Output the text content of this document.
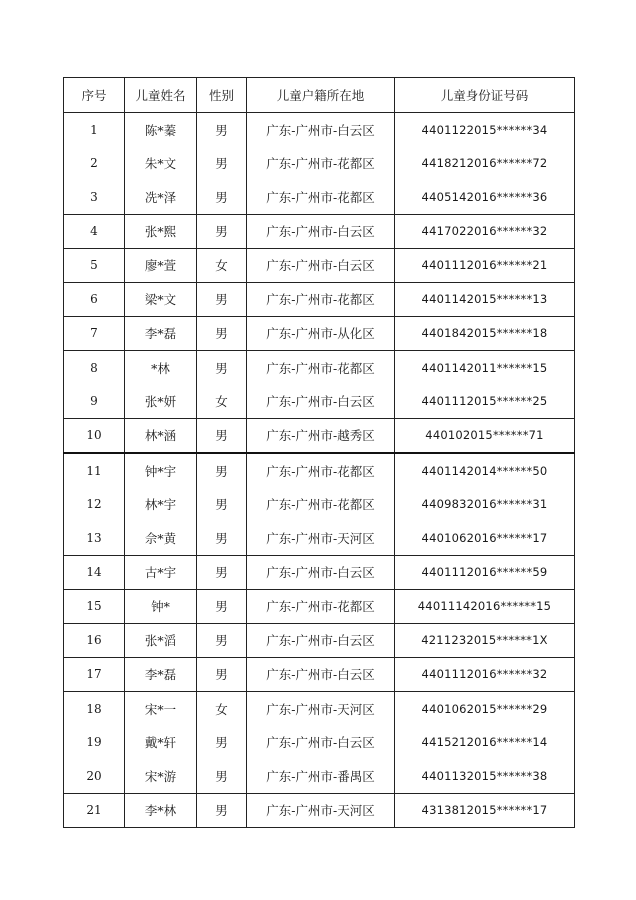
序号	儿童姓名	性别	儿童户籍所在地	儿童身份证号码
1	陈*蓁	男	广东-广州市-白云区	4401122015******34
2	朱*文	男	广东-广州市-花都区	4418212016******72
3	冼*泽	男	广东-广州市-花都区	4405142016******36
4	张*熙	男	广东-广州市-白云区	4417022016******32
5	廖*萱	女	广东-广州市-白云区	4401112016******21
6	梁*文	男	广东-广州市-花都区	4401142015******13
7	李*磊	男	广东-广州市-从化区	4401842015******18
8	*林	男	广东-广州市-花都区	4401142011******15
9	张*妍	女	广东-广州市-白云区	4401112015******25
10	林*涵	男	广东-广州市-越秀区	440102015******71
11	钟*宇	男	广东-广州市-花都区	4401142014******50
12	林*宇	男	广东-广州市-花都区	4409832016******31
13	佘*黄	男	广东-广州市-天河区	4401062016******17
14	古*宇	男	广东-广州市-白云区	4401112016******59
15	钟*	男	广东-广州市-花都区	44011142016******15
16	张*滔	男	广东-广州市-白云区	4211232015******1X
17	李*磊	男	广东-广州市-白云区	4401112016******32
18	宋*一	女	广东-广州市-天河区	4401062015******29
19	戴*轩	男	广东-广州市-白云区	4415212016******14
20	宋*游	男	广东-广州市-番禺区	4401132015******38
21	李*林	男	广东-广州市-天河区	4313812015******17
